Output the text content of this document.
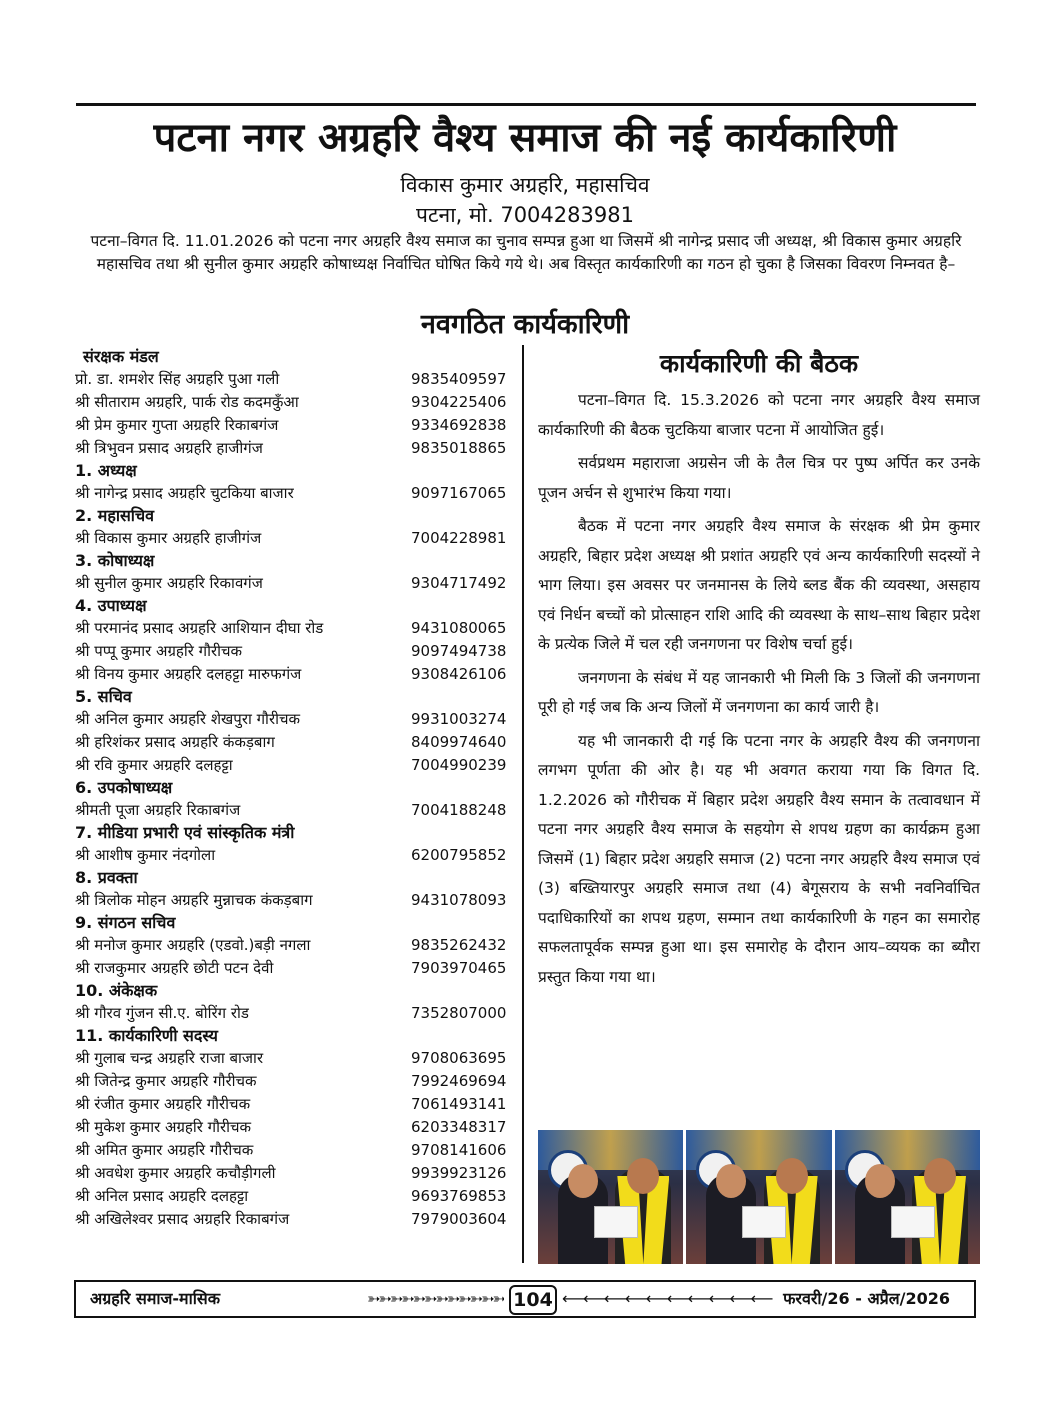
पटना नगर अग्रहरि वैश्य समाज की नई कार्यकारिणी
विकास कुमार अग्रहरि, महासचिव
पटना, मो. 7004283981
पटना–विगत दि. 11.01.2026 को पटना नगर अग्रहरि वैश्य समाज का चुनाव सम्पन्न हुआ था जिसमें श्री नागेन्द्र प्रसाद जी अध्यक्ष, श्री विकास कुमार अग्रहरि महासचिव तथा श्री सुनील कुमार अग्रहरि कोषाध्यक्ष निर्वाचित घोषित किये गये थे। अब विस्तृत कार्यकारिणी का गठन हो चुका है जिसका विवरण निम्नवत है–
नवगठित कार्यकारिणी
संरक्षक मंडल
प्रो. डा. शमशेर सिंह अग्रहरि पुआ गली	9835409597
श्री सीताराम अग्रहरि, पार्क रोड कदमकुँआ	9304225406
श्री प्रेम कुमार गुप्ता अग्रहरि रिकाबगंज	9334692838
श्री त्रिभुवन प्रसाद अग्रहरि हाजीगंज	9835018865
1. अध्यक्ष
श्री नागेन्द्र प्रसाद अग्रहरि चुटकिया बाजार	9097167065
2. महासचिव
श्री विकास कुमार अग्रहरि हाजीगंज	7004228981
3. कोषाध्यक्ष
श्री सुनील कुमार अग्रहरि रिकावगंज	9304717492
4. उपाध्यक्ष
श्री परमानंद प्रसाद अग्रहरि आशियान दीघा रोड	9431080065
श्री पप्पू कुमार अग्रहरि गौरीचक	9097494738
श्री विनय कुमार अग्रहरि दलहट्टा मारुफगंज	9308426106
5. सचिव
श्री अनिल कुमार अग्रहरि शेखपुरा गौरीचक	9931003274
श्री हरिशंकर प्रसाद अग्रहरि कंकड़बाग	8409974640
श्री रवि कुमार अग्रहरि दलहट्टा	7004990239
6. उपकोषाध्यक्ष
श्रीमती पूजा अग्रहरि रिकाबगंज	7004188248
7. मीडिया प्रभारी एवं सांस्कृतिक मंत्री
श्री आशीष कुमार नंदगोला	6200795852
8. प्रवक्ता
श्री त्रिलोक मोहन अग्रहरि मुन्नाचक कंकड़बाग	9431078093
9. संगठन सचिव
श्री मनोज कुमार अग्रहरि (एडवो.)बड़ी नगला	9835262432
श्री राजकुमार अग्रहरि छोटी पटन देवी	7903970465
10. अंकेक्षक
श्री गौरव गुंजन सी.ए. बोरिंग रोड	7352807000
11. कार्यकारिणी सदस्य
श्री गुलाब चन्द्र अग्रहरि राजा बाजार	9708063695
श्री जितेन्द्र कुमार अग्रहरि गौरीचक	7992469694
श्री रंजीत कुमार अग्रहरि गौरीचक	7061493141
श्री मुकेश कुमार अग्रहरि गौरीचक	6203348317
श्री अमित कुमार अग्रहरि गौरीचक	9708141606
श्री अवधेश कुमार अग्रहरि कचौड़ीगली	9939923126
श्री अनिल प्रसाद अग्रहरि दलहट्टा	9693769853
श्री अखिलेश्वर प्रसाद अग्रहरि रिकाबगंज	7979003604
कार्यकारिणी की बैठक

पटना–विगत दि. 15.3.2026 को पटना नगर अग्रहरि वैश्य समाज कार्यकारिणी की बैठक चुटकिया बाजार पटना में आयोजित हुई।

सर्वप्रथम महाराजा अग्रसेन जी के तैल चित्र पर पुष्प अर्पित कर उनके पूजन अर्चन से शुभारंभ किया गया।

बैठक में पटना नगर अग्रहरि वैश्य समाज के संरक्षक श्री प्रेम कुमार अग्रहरि, बिहार प्रदेश अध्यक्ष श्री प्रशांत अग्रहरि एवं अन्य कार्यकारिणी सदस्यों ने भाग लिया। इस अवसर पर जनमानस के लिये ब्लड बैंक की व्यवस्था, असहाय एवं निर्धन बच्चों को प्रोत्साहन राशि आदि की व्यवस्था के साथ–साथ बिहार प्रदेश के प्रत्येक जिले में चल रही जनगणना पर विशेष चर्चा हुई।

जनगणना के संबंध में यह जानकारी भी मिली कि 3 जिलों की जनगणना पूरी हो गई जब कि अन्य जिलों में जनगणना का कार्य जारी है।

यह भी जानकारी दी गई कि पटना नगर के अग्रहरि वैश्य की जनगणना लगभग पूर्णता की ओर है। यह भी अवगत कराया गया कि विगत दि. 1.2.2026 को गौरीचक में बिहार प्रदेश अग्रहरि वैश्य समान के तत्वावधान में पटना नगर अग्रहरि वैश्य समाज के सहयोग से शपथ ग्रहण का कार्यक्रम हुआ जिसमें (1) बिहार प्रदेश अग्रहरि समाज (2) पटना नगर अग्रहरि वैश्य समाज एवं (3) बख्तियारपुर अग्रहरि समाज तथा (4) बेगूसराय के सभी नवनिर्वाचित पदाधिकारियों का शपथ ग्रहण, सम्मान तथा कार्यकारिणी के गहन का समारोह सफलतापूर्वक सम्पन्न हुआ था। इस समारोह के दौरान आय–व्ययक का ब्यौरा प्रस्तुत किया गया था।

अग्रहरि समाज-मासिक	➳➳➳➳➳➳➳➳➳➳➳➳ 104 ⟵⟵⟵⟵⟵⟵⟵⟵⟵⟵ फरवरी/26 - अप्रैल/2026
